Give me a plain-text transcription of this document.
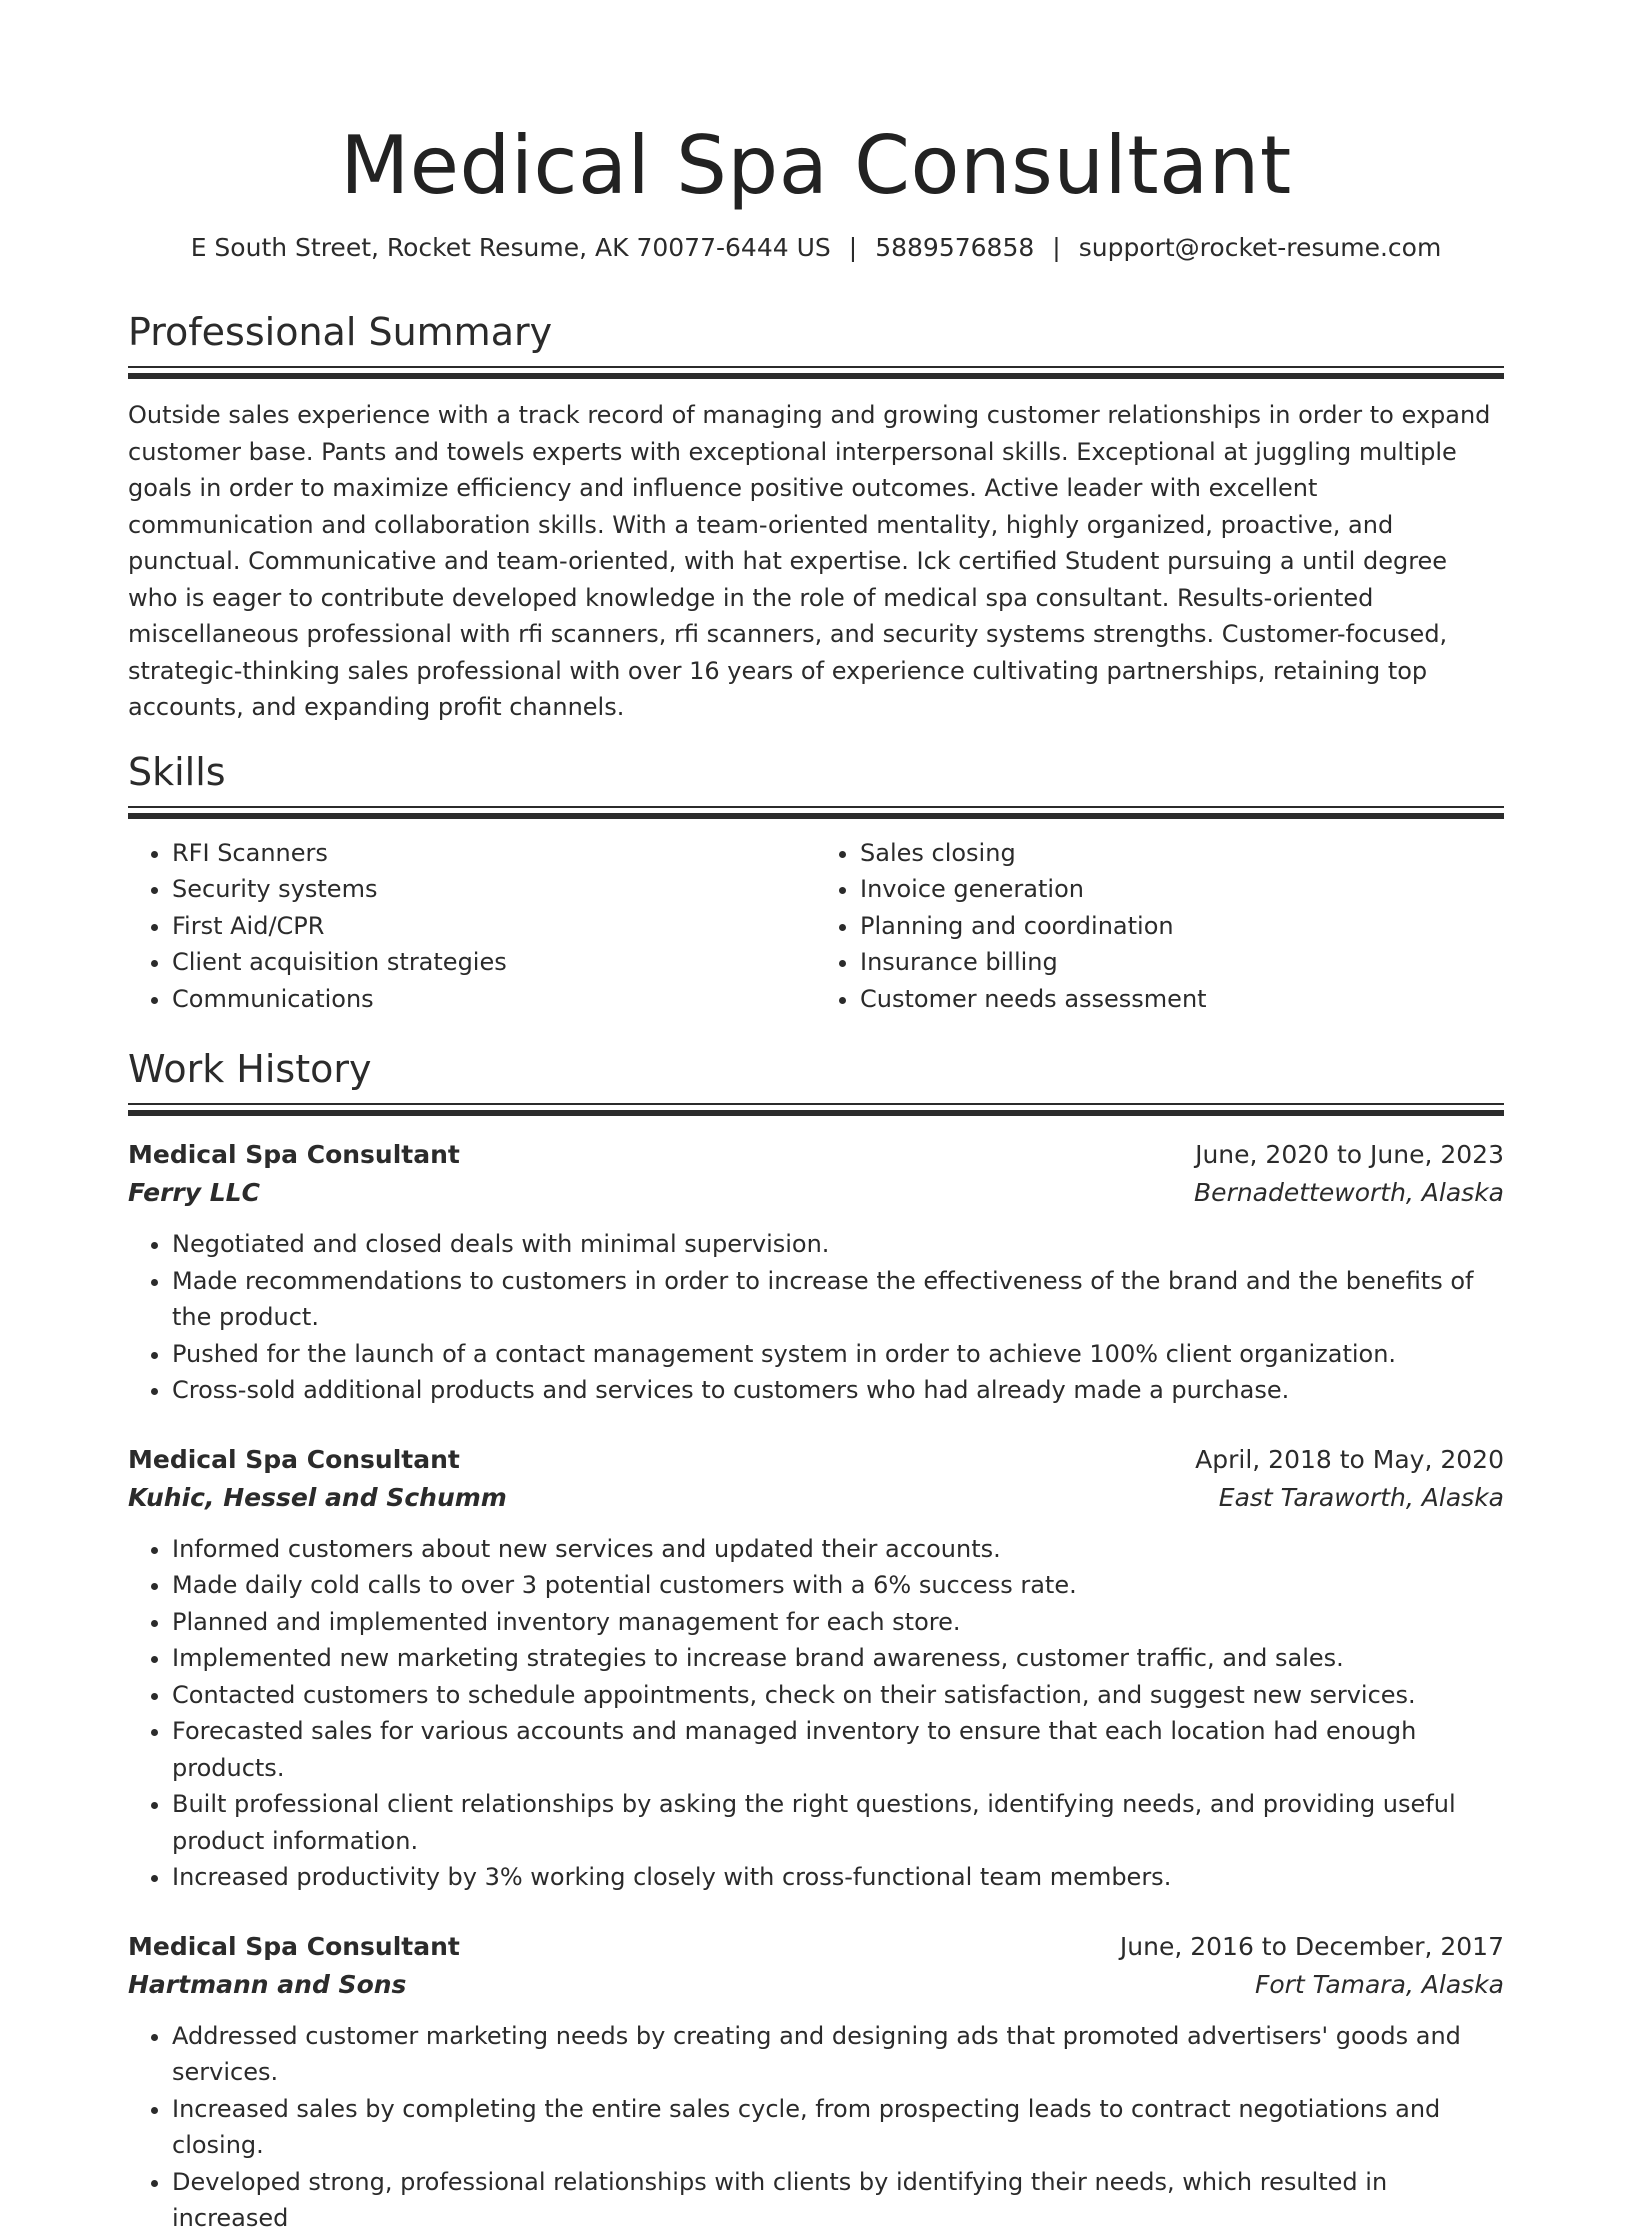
Medical Spa Consultant
E South Street, Rocket Resume, AK 70077-6444 US | 5889576858 | support@rocket-resume.com
Professional Summary

Outside sales experience with a track record of managing and growing customer relationships in order to expand customer base. Pants and towels experts with exceptional interpersonal skills. Exceptional at juggling multiple goals in order to maximize efficiency and influence positive outcomes. Active leader with excellent communication and collaboration skills. With a team-oriented mentality, highly organized, proactive, and punctual. Communicative and team-oriented, with hat expertise. Ick certified Student pursuing a until degree who is eager to contribute developed knowledge in the role of medical spa consultant. Results-oriented miscellaneous professional with rfi scanners, rfi scanners, and security systems strengths. Customer-focused, strategic-thinking sales professional with over 16 years of experience cultivating partnerships, retaining top accounts, and expanding profit channels.

Skills
• RFI Scanners
• Security systems
• First Aid/CPR
• Client acquisition strategies
• Communications
• Sales closing
• Invoice generation
• Planning and coordination
• Insurance billing
• Customer needs assessment
Work History
Medical Spa Consultant	June, 2020 to June, 2023
Ferry LLC	Bernadetteworth, Alaska
• Negotiated and closed deals with minimal supervision.
• Made recommendations to customers in order to increase the effectiveness of the brand and the benefits of the product.
• Pushed for the launch of a contact management system in order to achieve 100% client organization.
• Cross-sold additional products and services to customers who had already made a purchase.
Medical Spa Consultant	April, 2018 to May, 2020
Kuhic, Hessel and Schumm	East Taraworth, Alaska
• Informed customers about new services and updated their accounts.
• Made daily cold calls to over 3 potential customers with a 6% success rate.
• Planned and implemented inventory management for each store.
• Implemented new marketing strategies to increase brand awareness, customer traffic, and sales.
• Contacted customers to schedule appointments, check on their satisfaction, and suggest new services.
• Forecasted sales for various accounts and managed inventory to ensure that each location had enough products.
• Built professional client relationships by asking the right questions, identifying needs, and providing useful product information.
• Increased productivity by 3% working closely with cross-functional team members.
Medical Spa Consultant	June, 2016 to December, 2017
Hartmann and Sons	Fort Tamara, Alaska
• Addressed customer marketing needs by creating and designing ads that promoted advertisers' goods and services.
• Increased sales by completing the entire sales cycle, from prospecting leads to contract negotiations and closing.
• Developed strong, professional relationships with clients by identifying their needs, which resulted in increased
